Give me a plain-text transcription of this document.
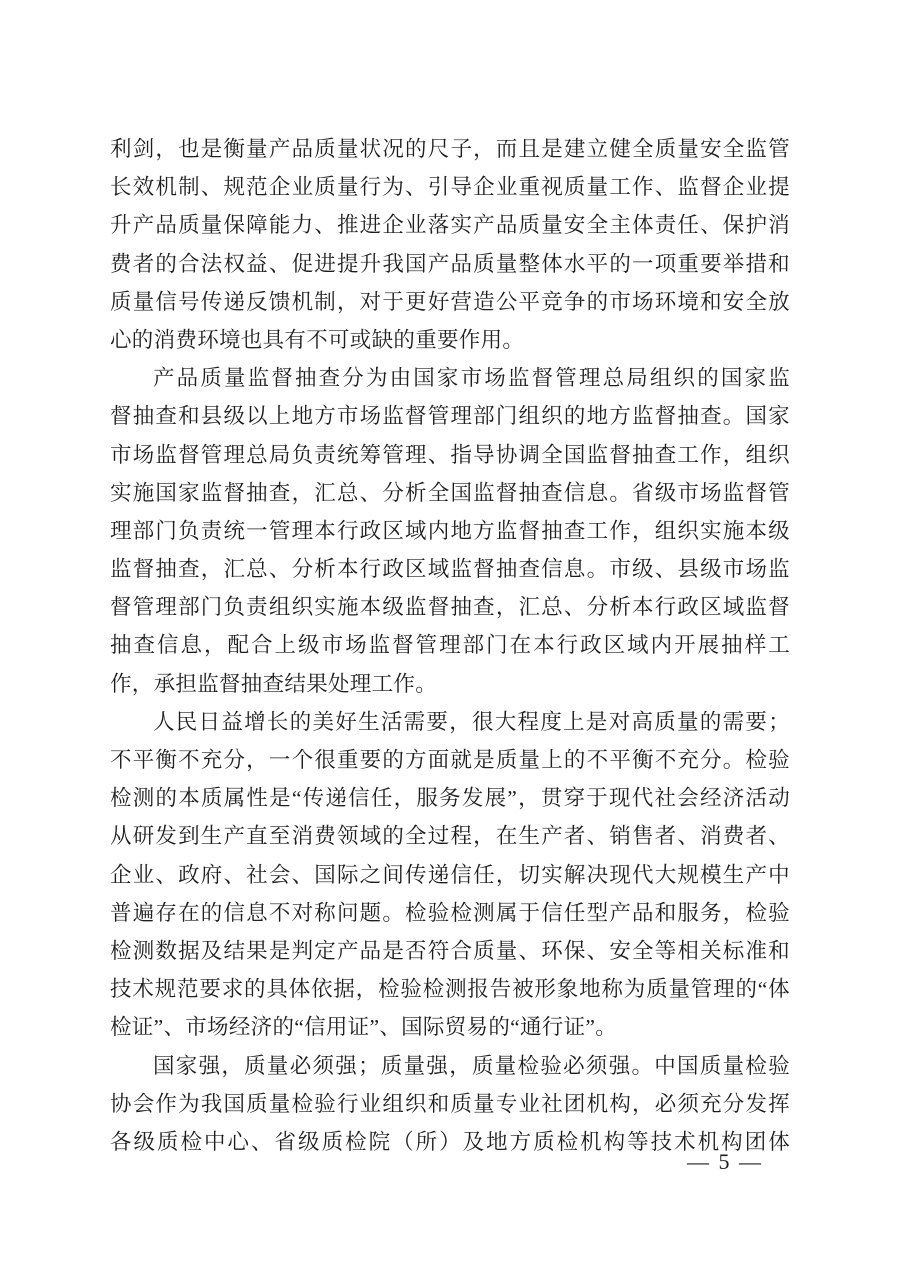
利剑，也是衡量产品质量状况的尺子，而且是建立健全质量安全监管
长效机制、规范企业质量行为、引导企业重视质量工作、监督企业提
升产品质量保障能力、推进企业落实产品质量安全主体责任、保护消
费者的合法权益、促进提升我国产品质量整体水平的一项重要举措和
质量信号传递反馈机制，对于更好营造公平竞争的市场环境和安全放
心的消费环境也具有不可或缺的重要作用。
产品质量监督抽查分为由国家市场监督管理总局组织的国家监
督抽查和县级以上地方市场监督管理部门组织的地方监督抽查。国家
市场监督管理总局负责统筹管理、指导协调全国监督抽查工作，组织
实施国家监督抽查，汇总、分析全国监督抽查信息。省级市场监督管
理部门负责统一管理本行政区域内地方监督抽查工作，组织实施本级
监督抽查，汇总、分析本行政区域监督抽查信息。市级、县级市场监
督管理部门负责组织实施本级监督抽查，汇总、分析本行政区域监督
抽查信息，配合上级市场监督管理部门在本行政区域内开展抽样工
作，承担监督抽查结果处理工作。
人民日益增长的美好生活需要，很大程度上是对高质量的需要；
不平衡不充分，一个很重要的方面就是质量上的不平衡不充分。检验
检测的本质属性是“传递信任，服务发展”，贯穿于现代社会经济活动
从研发到生产直至消费领域的全过程，在生产者、销售者、消费者、
企业、政府、社会、国际之间传递信任，切实解决现代大规模生产中
普遍存在的信息不对称问题。检验检测属于信任型产品和服务，检验
检测数据及结果是判定产品是否符合质量、环保、安全等相关标准和
技术规范要求的具体依据，检验检测报告被形象地称为质量管理的“体
检证”、市场经济的“信用证”、国际贸易的“通行证”。
国家强，质量必须强；质量强，质量检验必须强。中国质量检验
协会作为我国质量检验行业组织和质量专业社团机构，必须充分发挥
各级质检中心、省级质检院（所）及地方质检机构等技术机构团体
— 5 —
